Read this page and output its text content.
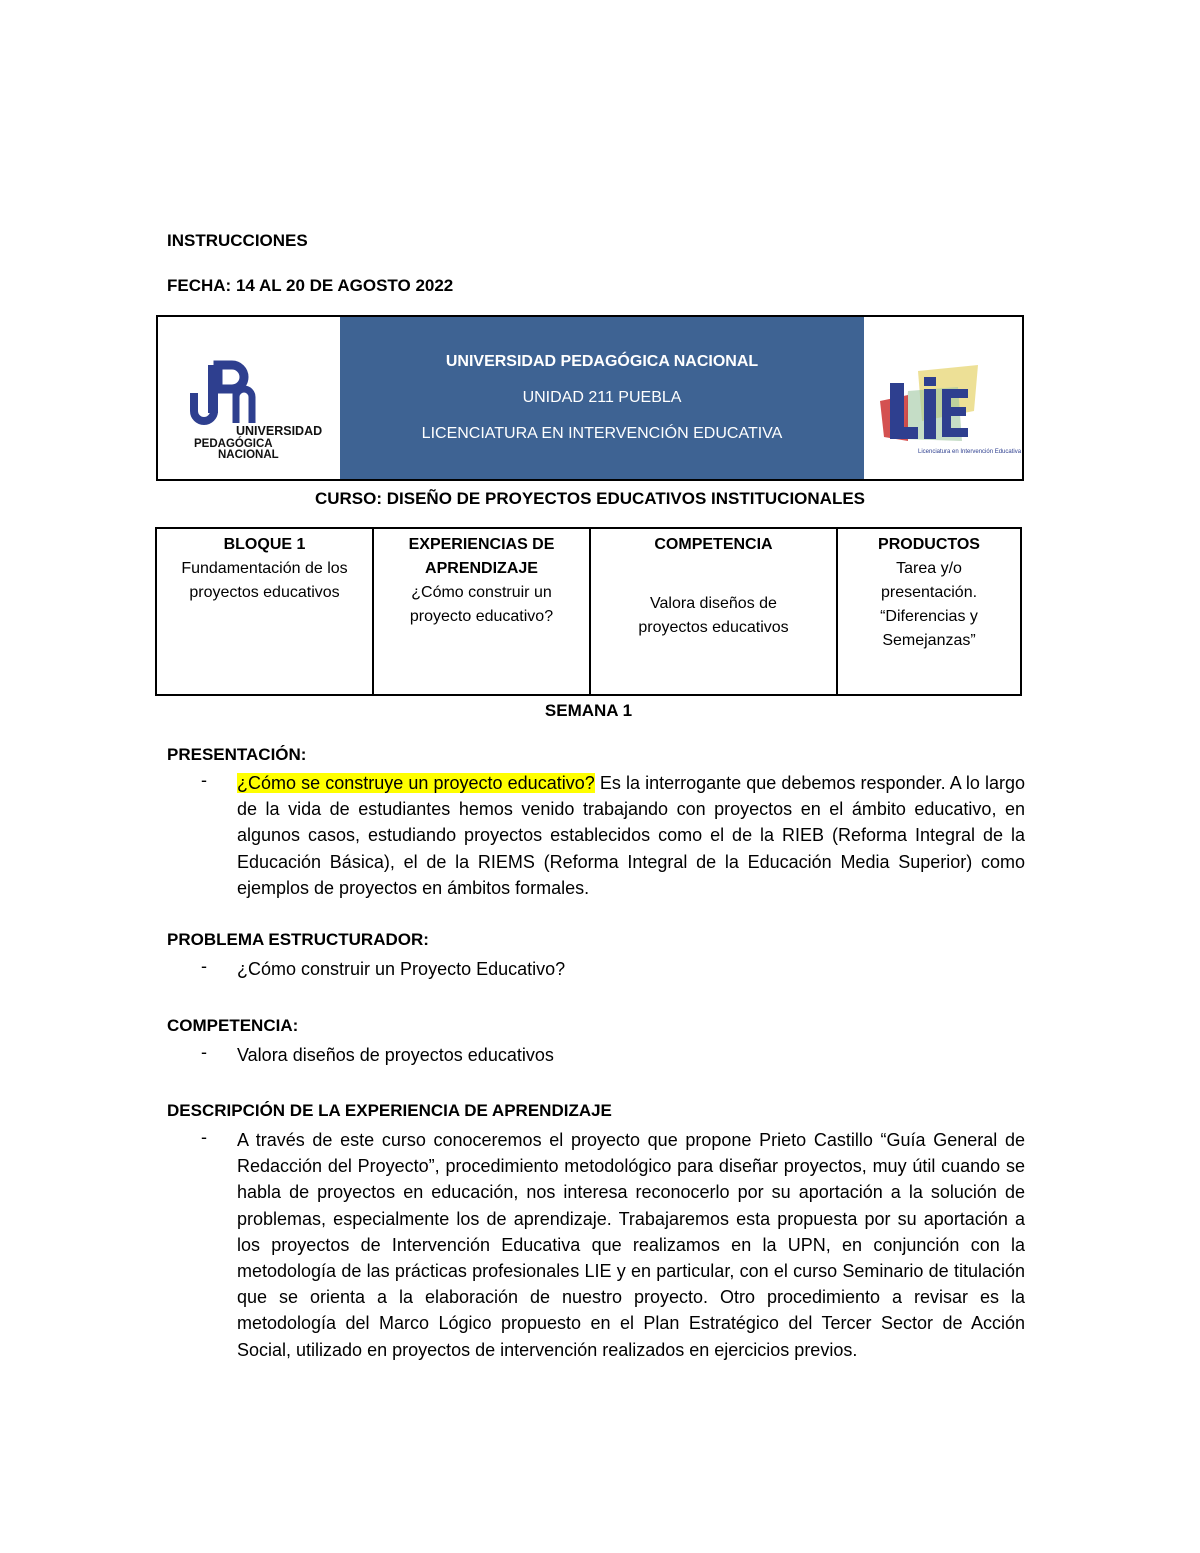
INSTRUCCIONES
FECHA: 14 AL 20 DE AGOSTO 2022
UNIVERSIDAD
PEDAGÓGICA
NACIONAL
UNIVERSIDAD PEDAGÓGICA NACIONAL
UNIDAD 211 PUEBLA
LICENCIATURA EN INTERVENCIÓN EDUCATIVA
Licenciatura en Intervención Educativa
CURSO: DISEÑO DE PROYECTOS EDUCATIVOS INSTITUCIONALES
BLOQUE 1
Fundamentación de los
proyectos educativos
EXPERIENCIAS DE
APRENDIZAJE
¿Cómo construir un
proyecto educativo?
COMPETENCIA
Valora diseños de
proyectos educativos
PRODUCTOS
Tarea y/o
presentación.
“Diferencias y
Semejanzas”
SEMANA 1
PRESENTACIÓN:
- ¿Cómo se construye un proyecto educativo? Es la interrogante que debemos responder. A lo largo de la vida de estudiantes hemos venido trabajando con proyectos en el ámbito educativo, en algunos casos, estudiando proyectos establecidos como el de la RIEB (Reforma Integral de la Educación Básica), el de la RIEMS (Reforma Integral de la Educación Media Superior) como ejemplos de proyectos en ámbitos formales.

PROBLEMA ESTRUCTURADOR:
- ¿Cómo construir un Proyecto Educativo?

COMPETENCIA:
- Valora diseños de proyectos educativos

DESCRIPCIÓN DE LA EXPERIENCIA DE APRENDIZAJE
- A través de este curso conoceremos el proyecto que propone Prieto Castillo “Guía General de Redacción del Proyecto”, procedimiento metodológico para diseñar proyectos, muy útil cuando se habla de proyectos en educación, nos interesa reconocerlo por su aportación a la solución de problemas, especialmente los de aprendizaje. Trabajaremos esta propuesta por su aportación a los proyectos de Intervención Educativa que realizamos en la UPN, en conjunción con la metodología de las prácticas profesionales LIE y en particular, con el curso Seminario de titulación que se orienta a la elaboración de nuestro proyecto. Otro procedimiento a revisar es la metodología del Marco Lógico propuesto en el Plan Estratégico del Tercer Sector de Acción Social, utilizado en proyectos de intervención realizados en ejercicios previos.
